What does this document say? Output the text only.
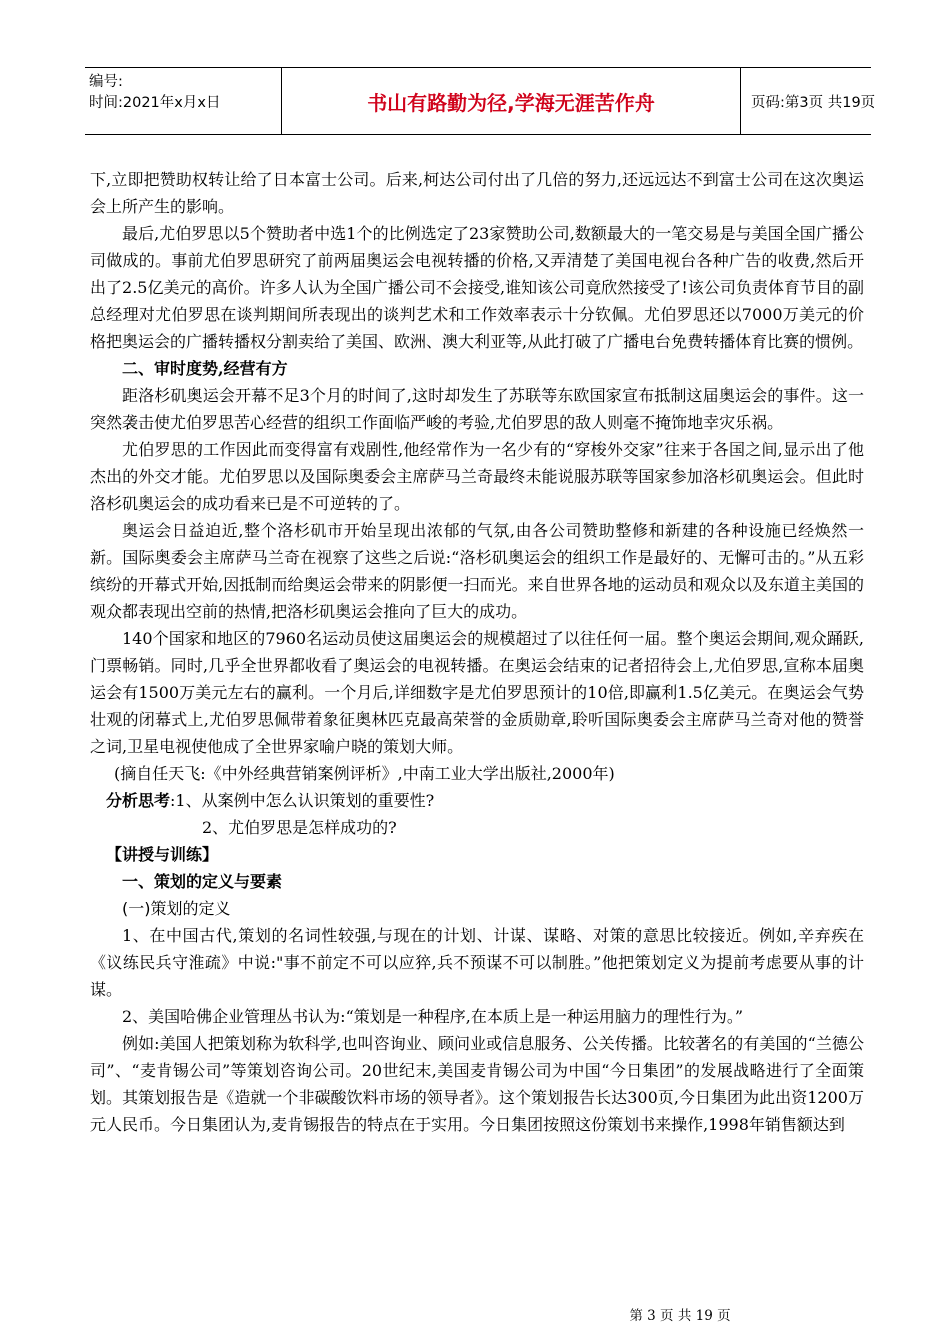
编号:
时间:2021年x月x日	书山有路勤为径,学海无涯苦作舟	页码:第3页 共19页

下,立即把赞助权转让给了日本富士公司。后来,柯达公司付出了几倍的努力,还远远达不到富士公司在这次奥运会上所产生的影响。

最后,尤伯罗思以5个赞助者中选1个的比例选定了23家赞助公司,数额最大的一笔交易是与美国全国广播公司做成的。事前尤伯罗思研究了前两届奥运会电视转播的价格,又弄清楚了美国电视台各种广告的收费,然后开出了2.5亿美元的高价。许多人认为全国广播公司不会接受,谁知该公司竟欣然接受了!该公司负责体育节目的副总经理对尤伯罗思在谈判期间所表现出的谈判艺术和工作效率表示十分钦佩。尤伯罗思还以7000万美元的价格把奥运会的广播转播权分割卖给了美国、欧洲、澳大利亚等,从此打破了广播电台免费转播体育比赛的惯例。

二、审时度势,经营有方

距洛杉矶奥运会开幕不足3个月的时间了,这时却发生了苏联等东欧国家宣布抵制这届奥运会的事件。这一突然袭击使尤伯罗思苦心经营的组织工作面临严峻的考验,尤伯罗思的敌人则毫不掩饰地幸灾乐祸。

尤伯罗思的工作因此而变得富有戏剧性,他经常作为一名少有的“穿梭外交家”往来于各国之间,显示出了他杰出的外交才能。尤伯罗思以及国际奥委会主席萨马兰奇最终未能说服苏联等国家参加洛杉矶奥运会。但此时洛杉矶奥运会的成功看来已是不可逆转的了。

奥运会日益迫近,整个洛杉矶市开始呈现出浓郁的气氛,由各公司赞助整修和新建的各种设施已经焕然一新。国际奥委会主席萨马兰奇在视察了这些之后说:“洛杉矶奥运会的组织工作是最好的、无懈可击的。”从五彩缤纷的开幕式开始,因抵制而给奥运会带来的阴影便一扫而光。来自世界各地的运动员和观众以及东道主美国的观众都表现出空前的热情,把洛杉矶奥运会推向了巨大的成功。

140个国家和地区的7960名运动员使这届奥运会的规模超过了以往任何一届。整个奥运会期间,观众踊跃,门票畅销。同时,几乎全世界都收看了奥运会的电视转播。在奥运会结束的记者招待会上,尤伯罗思,宣称本届奥运会有1500万美元左右的赢利。一个月后,详细数字是尤伯罗思预计的10倍,即赢利1.5亿美元。在奥运会气势壮观的闭幕式上,尤伯罗思佩带着象征奥林匹克最高荣誉的金质勋章,聆听国际奥委会主席萨马兰奇对他的赞誉之词,卫星电视使他成了全世界家喻户晓的策划大师。

(摘自任天飞:《中外经典营销案例评析》,中南工业大学出版社,2000年)

分析思考:1、从案例中怎么认识策划的重要性?

2、尤伯罗思是怎样成功的?

【讲授与训练】

一、策划的定义与要素

(一)策划的定义

1、在中国古代,策划的名词性较强,与现在的计划、计谋、谋略、对策的意思比较接近。例如,辛弃疾在《议练民兵守淮疏》中说:"事不前定不可以应猝,兵不预谋不可以制胜。”他把策划定义为提前考虑要从事的计谋。

2、美国哈佛企业管理丛书认为:“策划是一种程序,在本质上是一种运用脑力的理性行为。”

例如:美国人把策划称为软科学,也叫咨询业、顾问业或信息服务、公关传播。比较著名的有美国的“兰德公司”、“麦肯锡公司”等策划咨询公司。20世纪末,美国麦肯锡公司为中国“今日集团”的发展战略进行了全面策划。其策划报告是《造就一个非碳酸饮料市场的领导者》。这个策划报告长达300页,今日集团为此出资1200万元人民币。今日集团认为,麦肯锡报告的特点在于实用。今日集团按照这份策划书来操作,1998年销售额达到

第 3 页 共 19 页
